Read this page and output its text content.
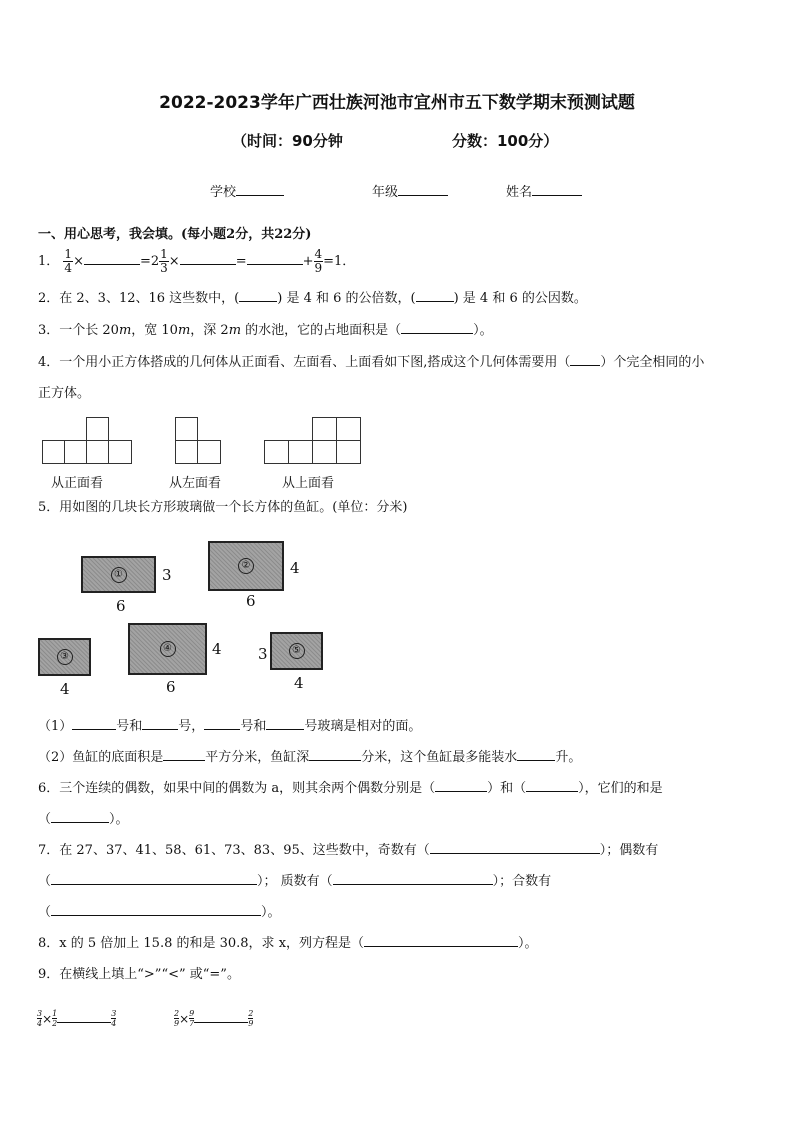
2022-2023学年广西壮族河池市宜州市五下数学期末预测试题
（时间：90分钟	分数：100分）
学校	年级	姓名
一、用心思考，我会填。(每小题2分，共22分)
1． $\frac{1}{4}$ ×	$=2 \frac{1}{3}$ ×	=	+ $\frac{4}{9} =1$．
2．在 2、3、12、16 这些数中，(	) 是 4 和 6 的公倍数，(	) 是 4 和 6 的公因数。
3．一个长 20m，宽 10m，深 2m 的水池，它的占地面积是（	）。
4．一个用小正方体搭成的几何体从正面看、左面看、上面看如下图,搭成这个几何体需要用（ ）个完全相同的小
正方体。
从正面看	从左面看	从上面看
5．用如图的几块长方形玻璃做一个长方体的鱼缸。(单位：分米)
①	3
6
②	4
6
③
4
④	4
6
⑤
3
4
（1）	号和	号，	号和	号玻璃是相对的面。
（2）鱼缸的底面积是	平方分米，鱼缸深	分米，这个鱼缸最多能装水	升。
6．三个连续的偶数，如果中间的偶数为 a，则其余两个偶数分别是（	）和（	），它们的和是
（	）。
7．在 27、37、41、58、61、73、83、95、这些数中，奇数有（	）；偶数有
（	）； 质数有（	）；合数有
（	）。
8．x 的 5 倍加上 15.8 的和是 30.8，求 x，列方程是（	）。
9．在横线上填上“>”“<” 或“=”。
$\frac{3}{4}\times \frac{1}{2}$	$\frac{3}{4}$	$\frac{2}{9}\times \frac{9}{7}$	$\frac{2}{9}$
